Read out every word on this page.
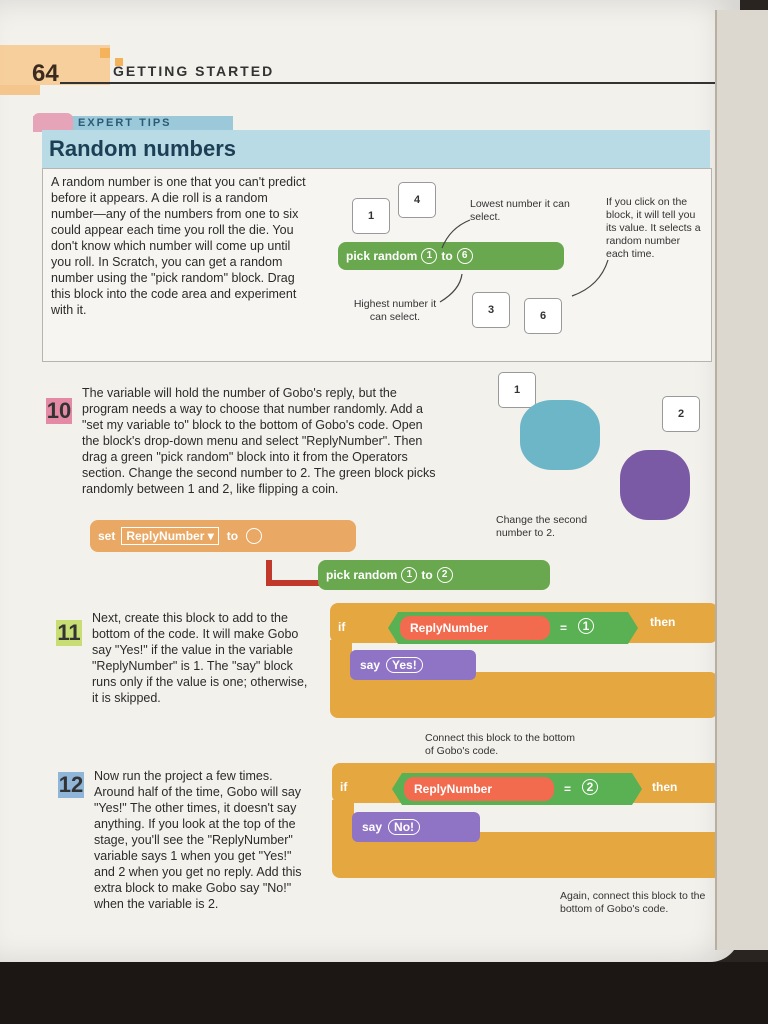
64	GETTING STARTED
EXPERT TIPS
Random numbers
A random number is one that you can't predict before it appears. A die roll is a random number—any of the numbers from one to six could appear each time you roll the die. You don't know which number will come up until you roll. In Scratch, you can get a random number using the "pick random" block. Drag this block into the code area and experiment with it.
1
4
3	6
pick random 1 to 6
Lowest number it can select.
Highest number it can select.
If you click on the block, it will tell you its value. It selects a random number each time.
10
The variable will hold the number of Gobo's reply, but the program needs a way to choose that number randomly. Add a "set my variable to" block to the bottom of Gobo's code. Open the block's drop-down menu and select "ReplyNumber". Then drag a green "pick random" block into it from the Operators section. Change the second number to 2. The green block picks randomly between 1 and 2, like flipping a coin.
1
2
set ReplyNumber ▾	to
pick random 1 to 2
Change the second number to 2.
11
Next, create this block to add to the bottom of the code. It will make Gobo say "Yes!" if the value in the variable "ReplyNumber" is 1. The "say" block runs only if the value is one; otherwise, it is skipped.
if	then
ReplyNumber	=	1
say	Yes!
Connect this block to the bottom of Gobo's code.
12 Now run the project a few times. Around half of the time, Gobo will say "Yes!" The other times, it doesn't say anything. If you look at the top of the stage, you'll see the "ReplyNumber" variable says 1 when you get "Yes!" and 2 when you get no reply. Add this extra block to make Gobo say "No!" when the variable is 2.
if	then
ReplyNumber	=	2
say	No!
Again, connect this block to the bottom of Gobo's code.
